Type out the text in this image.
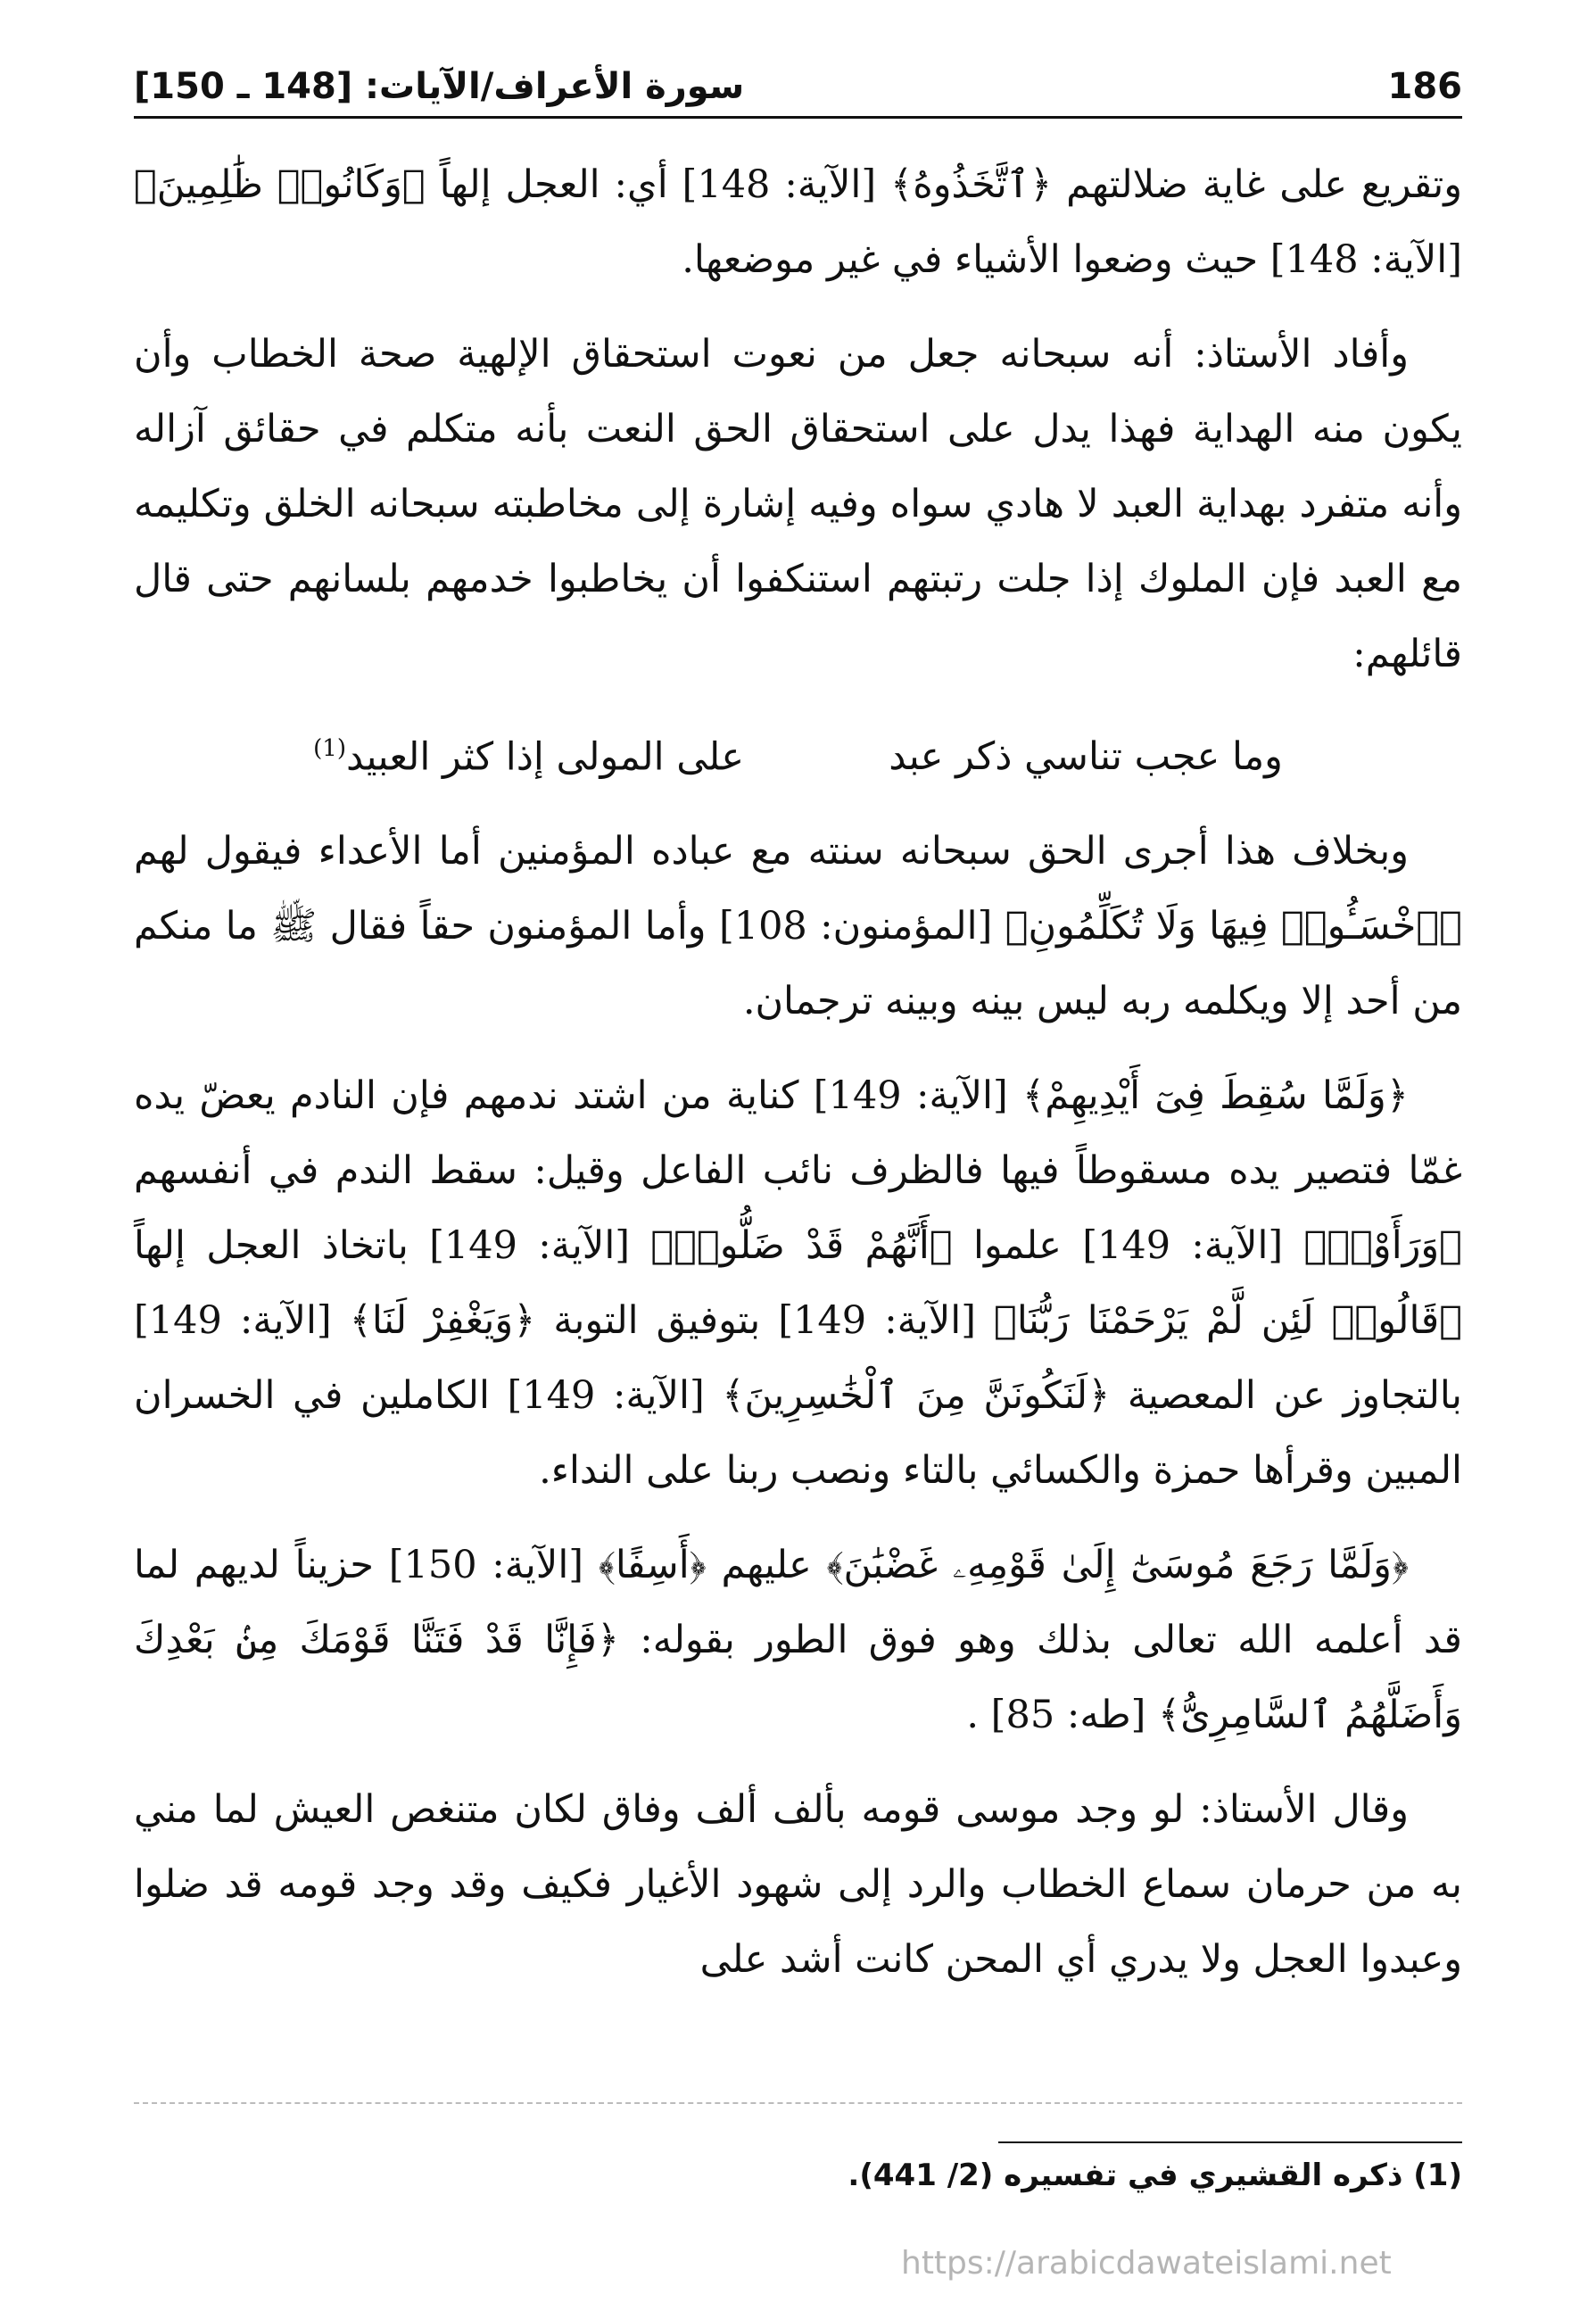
186
سورة الأعراف/الآيات: [148 ـ 150]

وتقريع على غاية ضلالتهم ﴿ٱتَّخَذُوهُ﴾ [الآية: 148] أي: العجل إلهاً ﴿وَكَانُوا۟ ظَٰلِمِينَ﴾ [الآية: 148] حيث وضعوا الأشياء في غير موضعها.

وأفاد الأستاذ: أنه سبحانه جعل من نعوت استحقاق الإلهية صحة الخطاب وأن يكون منه الهداية فهذا يدل على استحقاق الحق النعت بأنه متكلم في حقائق آزاله وأنه متفرد بهداية العبد لا هادي سواه وفيه إشارة إلى مخاطبته سبحانه الخلق وتكليمه مع العبد فإن الملوك إذا جلت رتبتهم استنكفوا أن يخاطبوا خدمهم بلسانهم حتى قال قائلهم:

وما عجب تناسي ذكر عبد
على المولى إذا كثر العبيد$^{(1)}$

وبخلاف هذا أجرى الحق سبحانه سنته مع عباده المؤمنين أما الأعداء فيقول لهم ﴿ٱخْسَـُٔوا۟ فِيهَا وَلَا تُكَلِّمُونِ﴾ [المؤمنون: 108] وأما المؤمنون حقاً فقال ﷺ ما منكم من أحد إلا ويكلمه ربه ليس بينه وبينه ترجمان.

﴿وَلَمَّا سُقِطَ فِىٓ أَيْدِيهِمْ﴾ [الآية: 149] كناية من اشتد ندمهم فإن النادم يعضّ يده غمّا فتصير يده مسقوطاً فيها فالظرف نائب الفاعل وقيل: سقط الندم في أنفسهم ﴿وَرَأَوْا۟﴾ [الآية: 149] علموا ﴿أَنَّهُمْ قَدْ ضَلُّوا۟﴾ [الآية: 149] باتخاذ العجل إلهاً ﴿قَالُوا۟ لَئِن لَّمْ يَرْحَمْنَا رَبُّنَا﴾ [الآية: 149] بتوفيق التوبة ﴿وَيَغْفِرْ لَنَا﴾ [الآية: 149] بالتجاوز عن المعصية ﴿لَنَكُونَنَّ مِنَ ٱلْخَٰسِرِينَ﴾ [الآية: 149] الكاملين في الخسران المبين وقرأها حمزة والكسائي بالتاء ونصب ربنا على النداء.

﴿وَلَمَّا رَجَعَ مُوسَىٰٓ إِلَىٰ قَوْمِهِۦ غَضْبَٰنَ﴾ عليهم ﴿أَسِفًا﴾ [الآية: 150] حزيناً لديهم لما قد أعلمه الله تعالى بذلك وهو فوق الطور بقوله: ﴿فَإِنَّا قَدْ فَتَنَّا قَوْمَكَ مِنۢ بَعْدِكَ وَأَضَلَّهُمُ ٱلسَّامِرِىُّ﴾ [طه: 85] .

وقال الأستاذ: لو وجد موسى قومه بألف ألف وفاق لكان متنغص العيش لما مني به من حرمان سماع الخطاب والرد إلى شهود الأغيار فكيف وقد وجد قومه قد ضلوا وعبدوا العجل ولا يدري أي المحن كانت أشد على

(1) ذكره القشيري في تفسيره (2/ 441).
https://arabicdawateislami.net
